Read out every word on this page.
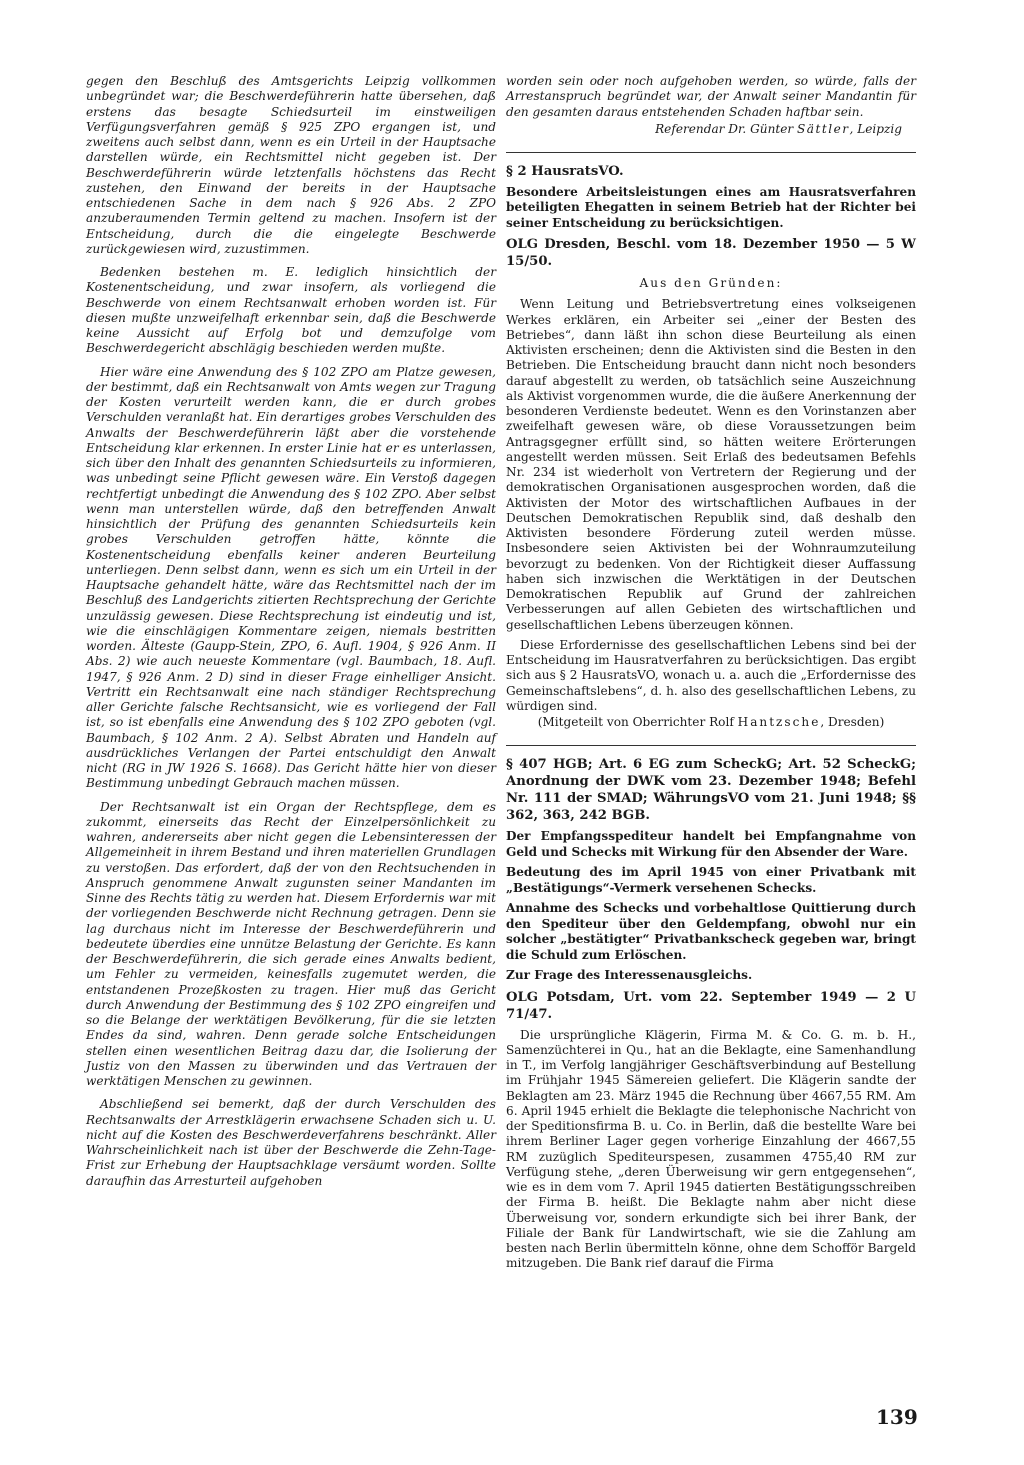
gegen den Beschluß des Amtsgerichts Leipzig vollkommen unbegründet war; die Beschwerdeführerin hatte übersehen, daß erstens das besagte Schiedsurteil im einstweiligen Verfügungsverfahren gemäß § 925 ZPO ergangen ist, und zweitens auch selbst dann, wenn es ein Urteil in der Hauptsache darstellen würde, ein Rechtsmittel nicht gegeben ist. Der Beschwerdeführerin würde letztenfalls höchstens das Recht zustehen, den Einwand der bereits in der Hauptsache entschiedenen Sache in dem nach § 926 Abs. 2 ZPO anzuberaumenden Termin geltend zu machen. Insofern ist der Entscheidung, durch die die eingelegte Beschwerde zurückgewiesen wird, zuzustimmen.

Bedenken bestehen m. E. lediglich hinsichtlich der Kostenentscheidung, und zwar insofern, als vorliegend die Beschwerde von einem Rechtsanwalt erhoben worden ist. Für diesen mußte unzweifelhaft erkennbar sein, daß die Beschwerde keine Aussicht auf Erfolg bot und demzufolge vom Beschwerdegericht abschlägig beschieden werden mußte.

Hier wäre eine Anwendung des § 102 ZPO am Platze gewesen, der bestimmt, daß ein Rechtsanwalt von Amts wegen zur Tragung der Kosten verurteilt werden kann, die er durch grobes Verschulden veranlaßt hat. Ein derartiges grobes Verschulden des Anwalts der Beschwerdeführerin läßt aber die vorstehende Entscheidung klar erkennen. In erster Linie hat er es unterlassen, sich über den Inhalt des genannten Schiedsurteils zu informieren, was unbedingt seine Pflicht gewesen wäre. Ein Verstoß dagegen rechtfertigt unbedingt die Anwendung des § 102 ZPO. Aber selbst wenn man unterstellen würde, daß den betreffenden Anwalt hinsichtlich der Prüfung des genannten Schiedsurteils kein grobes Verschulden getroffen hätte, könnte die Kostenentscheidung ebenfalls keiner anderen Beurteilung unterliegen. Denn selbst dann, wenn es sich um ein Urteil in der Hauptsache gehandelt hätte, wäre das Rechtsmittel nach der im Beschluß des Landgerichts zitierten Rechtsprechung der Gerichte unzulässig gewesen. Diese Rechtsprechung ist eindeutig und ist, wie die einschlägigen Kommentare zeigen, niemals bestritten worden. Älteste (Gaupp-Stein, ZPO, 6. Aufl. 1904, § 926 Anm. II Abs. 2) wie auch neueste Kommentare (vgl. Baumbach, 18. Aufl. 1947, § 926 Anm. 2 D) sind in dieser Frage einhelliger Ansicht. Vertritt ein Rechtsanwalt eine nach ständiger Rechtsprechung aller Gerichte falsche Rechtsansicht, wie es vorliegend der Fall ist, so ist ebenfalls eine Anwendung des § 102 ZPO geboten (vgl. Baumbach, § 102 Anm. 2 A). Selbst Abraten und Handeln auf ausdrückliches Verlangen der Partei entschuldigt den Anwalt nicht (RG in JW 1926 S. 1668). Das Gericht hätte hier von dieser Bestimmung unbedingt Gebrauch machen müssen.

Der Rechtsanwalt ist ein Organ der Rechtspflege, dem es zukommt, einerseits das Recht der Einzelpersönlichkeit zu wahren, andererseits aber nicht gegen die Lebensinteressen der Allgemeinheit in ihrem Bestand und ihren materiellen Grundlagen zu verstoßen. Das erfordert, daß der von den Rechtsuchenden in Anspruch genommene Anwalt zugunsten seiner Mandanten im Sinne des Rechts tätig zu werden hat. Diesem Erfordernis war mit der vorliegenden Beschwerde nicht Rechnung getragen. Denn sie lag durchaus nicht im Interesse der Beschwerdeführerin und bedeutete überdies eine unnütze Belastung der Gerichte. Es kann der Beschwerdeführerin, die sich gerade eines Anwalts bedient, um Fehler zu vermeiden, keinesfalls zugemutet werden, die entstandenen Prozeßkosten zu tragen. Hier muß das Gericht durch Anwendung der Bestimmung des § 102 ZPO eingreifen und so die Belange der werktätigen Bevölkerung, für die sie letzten Endes da sind, wahren. Denn gerade solche Entscheidungen stellen einen wesentlichen Beitrag dazu dar, die Isolierung der Justiz von den Massen zu überwinden und das Vertrauen der werktätigen Menschen zu gewinnen.

Abschließend sei bemerkt, daß der durch Verschulden des Rechtsanwalts der Arrestklägerin erwachsene Schaden sich u. U. nicht auf die Kosten des Beschwerdeverfahrens beschränkt. Aller Wahrscheinlichkeit nach ist über der Beschwerde die Zehn-Tage-Frist zur Erhebung der Hauptsachklage versäumt worden. Sollte daraufhin das Arresturteil aufgehoben

worden sein oder noch aufgehoben werden, so würde, falls der Arrestanspruch begründet war, der Anwalt seiner Mandantin für den gesamten daraus entstehenden Schaden haftbar sein.

Referendar Dr. Günter Sättler, Leipzig

§ 2 HausratsVO.

Besondere Arbeitsleistungen eines am Hausratsverfahren beteiligten Ehegatten in seinem Betrieb hat der Richter bei seiner Entscheidung zu berücksichtigen.

OLG Dresden, Beschl. vom 18. Dezember 1950 — 5 W 15/50.

Aus den Gründen:

Wenn Leitung und Betriebsvertretung eines volkseigenen Werkes erklären, ein Arbeiter sei „einer der Besten des Betriebes“, dann läßt ihn schon diese Beurteilung als einen Aktivisten erscheinen; denn die Aktivisten sind die Besten in den Betrieben. Die Entscheidung braucht dann nicht noch besonders darauf abgestellt zu werden, ob tatsächlich seine Auszeichnung als Aktivist vorgenommen wurde, die die äußere Anerkennung der besonderen Verdienste bedeutet. Wenn es den Vorinstanzen aber zweifelhaft gewesen wäre, ob diese Voraussetzungen beim Antragsgegner erfüllt sind, so hätten weitere Erörterungen angestellt werden müssen. Seit Erlaß des bedeutsamen Befehls Nr. 234 ist wiederholt von Vertretern der Regierung und der demokratischen Organisationen ausgesprochen worden, daß die Aktivisten der Motor des wirtschaftlichen Aufbaues in der Deutschen Demokratischen Republik sind, daß deshalb den Aktivisten besondere Förderung zuteil werden müsse. Insbesondere seien Aktivisten bei der Wohnraumzuteilung bevorzugt zu bedenken. Von der Richtigkeit dieser Auffassung haben sich inzwischen die Werktätigen in der Deutschen Demokratischen Republik auf Grund der zahlreichen Verbesserungen auf allen Gebieten des wirtschaftlichen und gesellschaftlichen Lebens überzeugen können.

Diese Erfordernisse des gesellschaftlichen Lebens sind bei der Entscheidung im Hausratverfahren zu berücksichtigen. Das ergibt sich aus § 2 HausratsVO, wonach u. a. auch die „Erfordernisse des Gemeinschaftslebens“, d. h. also des gesellschaftlichen Lebens, zu würdigen sind.

(Mitgeteilt von Oberrichter Rolf Hantzsche, Dresden)

§ 407 HGB; Art. 6 EG zum ScheckG; Art. 52 ScheckG; Anordnung der DWK vom 23. Dezember 1948; Befehl Nr. 111 der SMAD; WährungsVO vom 21. Juni 1948; §§ 362, 363, 242 BGB.

Der Empfangsspediteur handelt bei Empfangnahme von Geld und Schecks mit Wirkung für den Absender der Ware.

Bedeutung des im April 1945 von einer Privatbank mit „Bestätigungs“-Vermerk versehenen Schecks.

Annahme des Schecks und vorbehaltlose Quittierung durch den Spediteur über den Geldempfang, obwohl nur ein solcher „bestätigter“ Privatbankscheck gegeben war, bringt die Schuld zum Erlöschen.

Zur Frage des Interessenausgleichs.

OLG Potsdam, Urt. vom 22. September 1949 — 2 U 71/47.

Die ursprüngliche Klägerin, Firma M. & Co. G. m. b. H., Samenzüchterei in Qu., hat an die Beklagte, eine Samenhandlung in T., im Verfolg langjähriger Geschäftsverbindung auf Bestellung im Frühjahr 1945 Sämereien geliefert. Die Klägerin sandte der Beklagten am 23. März 1945 die Rechnung über 4667,55 RM. Am 6. April 1945 erhielt die Beklagte die telephonische Nachricht von der Speditionsfirma B. u. Co. in Berlin, daß die bestellte Ware bei ihrem Berliner Lager gegen vorherige Einzahlung der 4667,55 RM zuzüglich Spediteurspesen, zusammen 4755,40 RM zur Verfügung stehe, „deren Überweisung wir gern entgegensehen“, wie es in dem vom 7. April 1945 datierten Bestätigungsschreiben der Firma B. heißt. Die Beklagte nahm aber nicht diese Überweisung vor, sondern erkundigte sich bei ihrer Bank, der Filiale der Bank für Landwirtschaft, wie sie die Zahlung am besten nach Berlin übermitteln könne, ohne dem Schofför Bargeld mitzugeben. Die Bank rief darauf die Firma

139
